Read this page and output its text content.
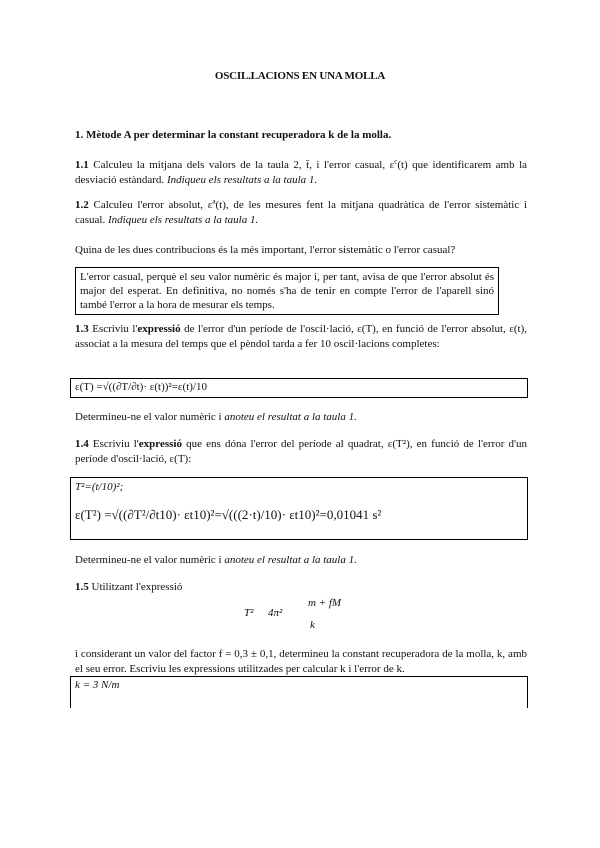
OSCIL.LACIONS EN UNA MOLLA
1. Mètode A per determinar la constant recuperadora k de la molla.
1.1 Calculeu la mitjana dels valors de la taula 2, t̄, i l'error casual, $\varepsilon^c(t)$ que identificarem amb la desviació estàndard. Indiqueu els resultats a la taula 1.
1.2 Calculeu l'error absolut, $\varepsilon^a(t)$, de les mesures fent la mitjana quadràtica de l'error sistemàtic i casual. Indiqueu els resultats a la taula 1.
Quina de les dues contribucions és la més important, l'error sistemàtic o l'error casual?
L'error casual, perquè el seu valor numèric és major i, per tant, avisa de que l'error absolut és major del esperat. En definitiva, no només s'ha de tenir en compte l'error de l'aparell sinó també l'error a la hora de mesurar els temps.
1.3 Escriviu l'expressió de l'error d'un període de l'oscil·lació, ε(T), en funció de l'error absolut, ε(t), associat a la mesura del temps que el pèndol tarda a fer 10 oscil·lacions completes:
ε(T) =√((∂T/∂t)· ε(t))²=ε(t)/10
Determineu-ne el valor numèric i anoteu el resultat a la taula 1.
1.4 Escriviu l'expressió que ens dóna l'error del període al quadrat, ε(T²), en funció de l'error d'un període d'oscil·lació, ε(T):
T²=(t/10)²;
ε(T²) =√((∂T²/∂t10)· εt10)²=√(((2·t)/10)· εt10)²=0,01041 s²
Determineu-ne el valor numèric i anoteu el resultat a la taula 1.
1.5 Utilitzant l'expressió
T² 4π²
m + fM
k
i considerant un valor del factor f = 0,3 ± 0,1, determineu la constant recuperadora de la molla, k, amb el seu error. Escriviu les expressions utilitzades per calcular k i l'error de k.
k = 3 N/m
